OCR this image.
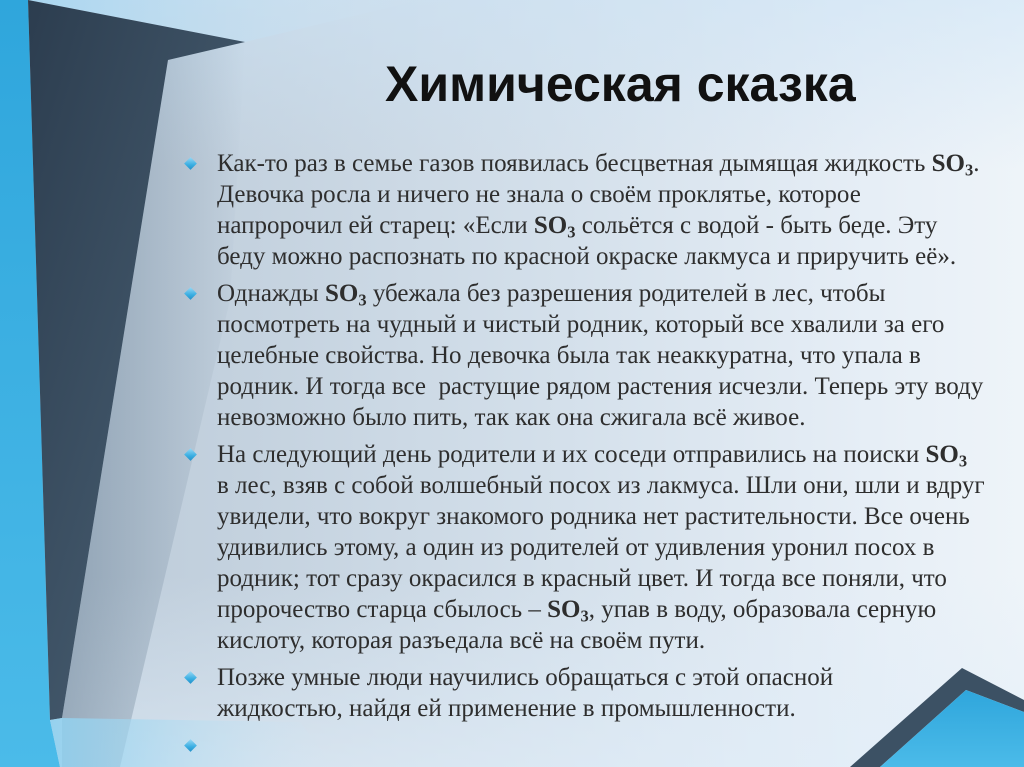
Химическая сказка
Как-то раз в семье газов появилась бесцветная дымящая жидкость $SO_3$.
Девочка росла и ничего не знала о своём проклятье, которое
напророчил ей старец: «Если $SO_3$ сольётся с водой - быть беде. Эту
беду можно распознать по красной окраске лакмуса и приручить её».
Однажды $SO_3$ убежала без разрешения родителей в лес, чтобы
посмотреть на чудный и чистый родник, который все хвалили за его
целебные свойства. Но девочка была так неаккуратна, что упала в
родник. И тогда все  растущие рядом растения исчезли. Теперь эту воду
невозможно было пить, так как она сжигала всё живое.
На следующий день родители и их соседи отправились на поиски $SO_3$
в лес, взяв с собой волшебный посох из лакмуса. Шли они, шли и вдруг
увидели, что вокруг знакомого родника нет растительности. Все очень
удивились этому, а один из родителей от удивления уронил посох в
родник; тот сразу окрасился в красный цвет. И тогда все поняли, что
пророчество старца сбылось – $SO_3$, упав в воду, образовала серную
кислоту, которая разъедала всё на своём пути.
Позже умные люди научились обращаться с этой опасной
жидкостью, найдя ей применение в промышленности.
